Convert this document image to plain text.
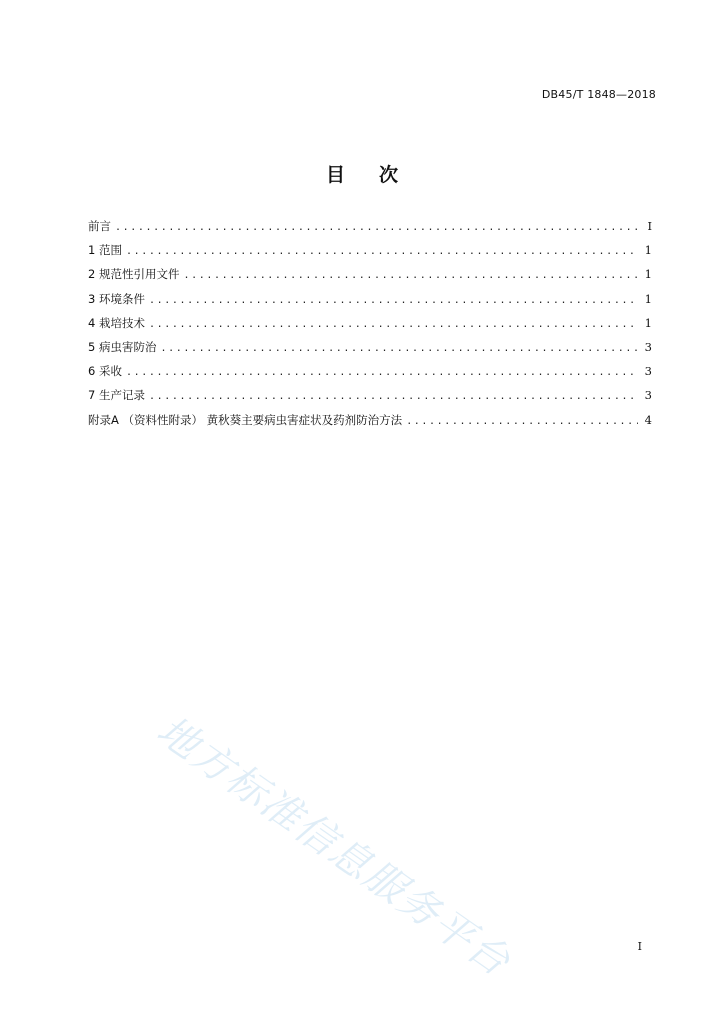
DB45/T 1848—2018
目 次
前言 .....	I
1 范围 .....	1
2 规范性引用文件 .....	1
3 环境条件 .....	1
4 栽培技术 .....	1
5 病虫害防治 .....	3
6 采收 .....	3
7 生产记录 .....	3
附录A （资料性附录） 黄秋葵主要病虫害症状及药剂防治方法 .....	4
地方标准信息服务平台	I
